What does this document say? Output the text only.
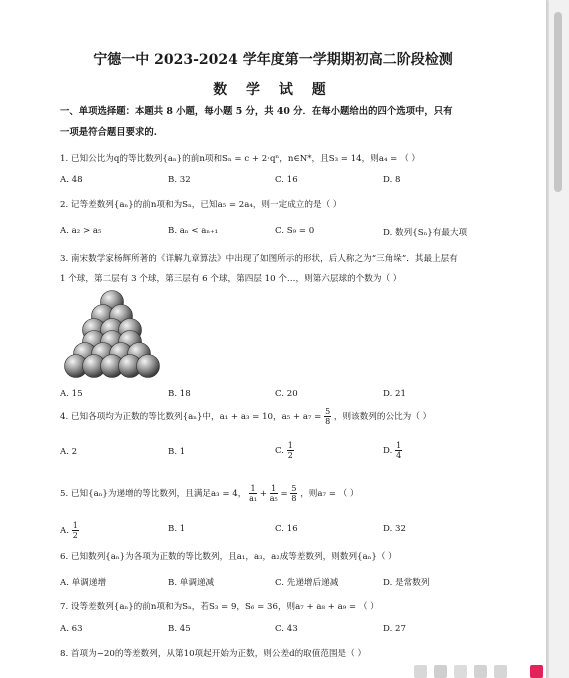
宁德一中 2023-2024 学年度第一学期期初高二阶段检测
数 学 试 题
一、单项选择题：本题共 8 小题，每小题 5 分，共 40 分．在每小题给出的四个选项中，只有
一项是符合题目要求的.
1. 已知公比为q的等比数列{aₙ}的前n项和Sₙ = c + 2·qⁿ，n∈N*，且S₃ = 14，则a₄ = （ ）
A. 48	B. 32	C. 16	D. 8
2. 记等差数列{aₙ}的前n项和为Sₙ，已知a₅ = 2a₄，则一定成立的是（ ）
A. a₂ > a₅	B. aₙ < aₙ₊₁	C. S₉ = 0	D. 数列{Sₙ}有最大项
3. 南宋数学家杨辉所著的《详解九章算法》中出现了如图所示的形状，后人称之为“三角垛”．其最上层有
1 个球，第二层有 3 个球，第三层有 6 个球，第四层 10 个…，则第六层球的个数为（ ）
A. 15	B. 18	C. 20	D. 21
4. 已知各项均为正数的等比数列{aₙ}中，a₁ + a₃ = 10，$a_5 + a_7 = \frac{5}{8}$ ，则该数列的公比为（ ）
A. 2	B. 1	C. $\frac{1}{2}$	D. $\frac{1}{4}$
5. 已知{aₙ}为递增的等比数列，且满足a₃ = 4， $\frac{1}{\text{a₁}} + \frac{1}{\text{a₅}} = \frac{5}{8}$ ，则a₇ = （ ）
A. $\frac{1}{2}$	B. 1	C. 16	D. 32
6. 已知数列{aₙ}为各项为正数的等比数列，且a₁，a₃，a₂成等差数列，则数列{aₙ}（ ）
A. 单调递增	B. 单调递减	C. 先递增后递减	D. 是常数列
7. 设等差数列{aₙ}的前n项和为Sₙ，若S₃ = 9，S₆ = 36，则a₇ + a₈ + a₉ = （ ）
A. 63	B. 45	C. 43	D. 27
8. 首项为−20的等差数列，从第10项起开始为正数，则公差d的取值范围是（ ）
